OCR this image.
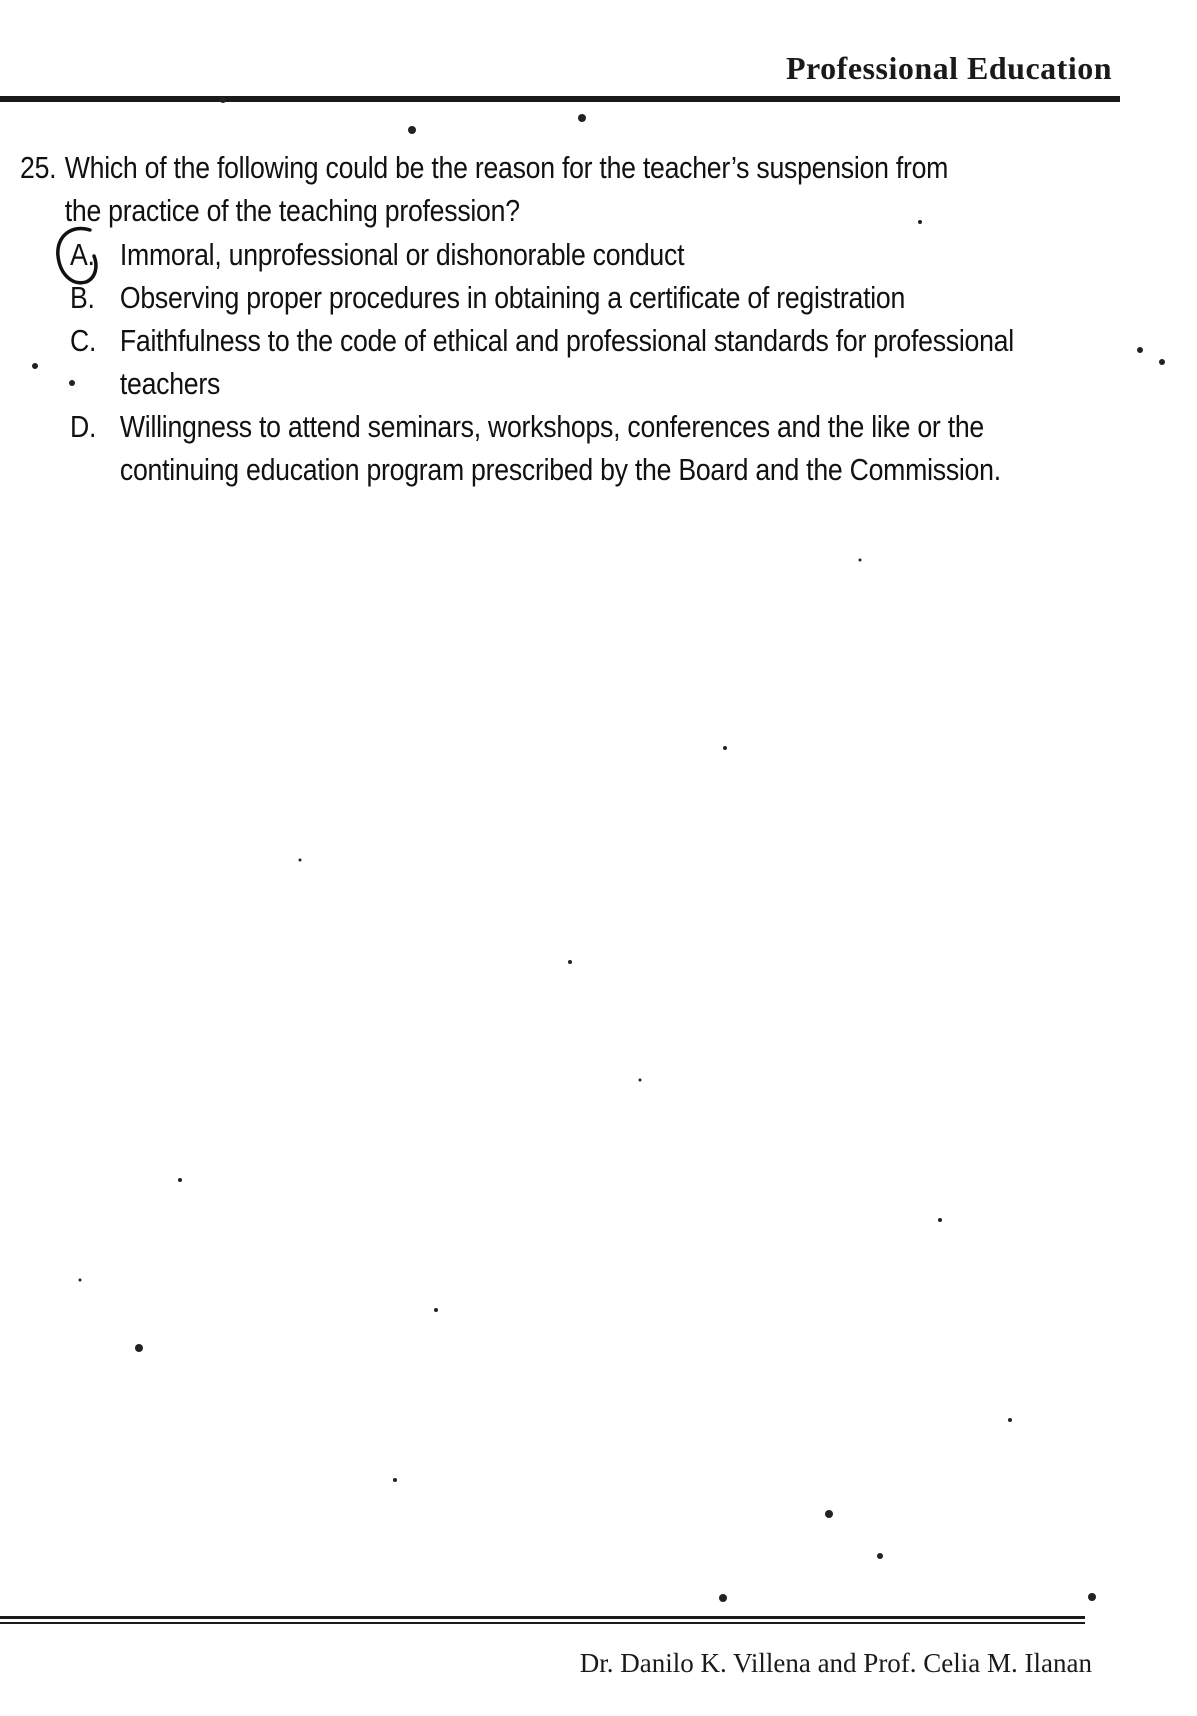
Professional Education
25. Which of the following could be the reason for the teacher’s suspension from the practice of the teaching profession?
A. Immoral, unprofessional or dishonorable conduct
B. Observing proper procedures in obtaining a certificate of registration
C. Faithfulness to the code of ethical and professional standards for professional teachers
D. Willingness to attend seminars, workshops, conferences and the like or the continuing education program prescribed by the Board and the Commission.
Dr. Danilo K. Villena and Prof. Celia M. Ilanan
